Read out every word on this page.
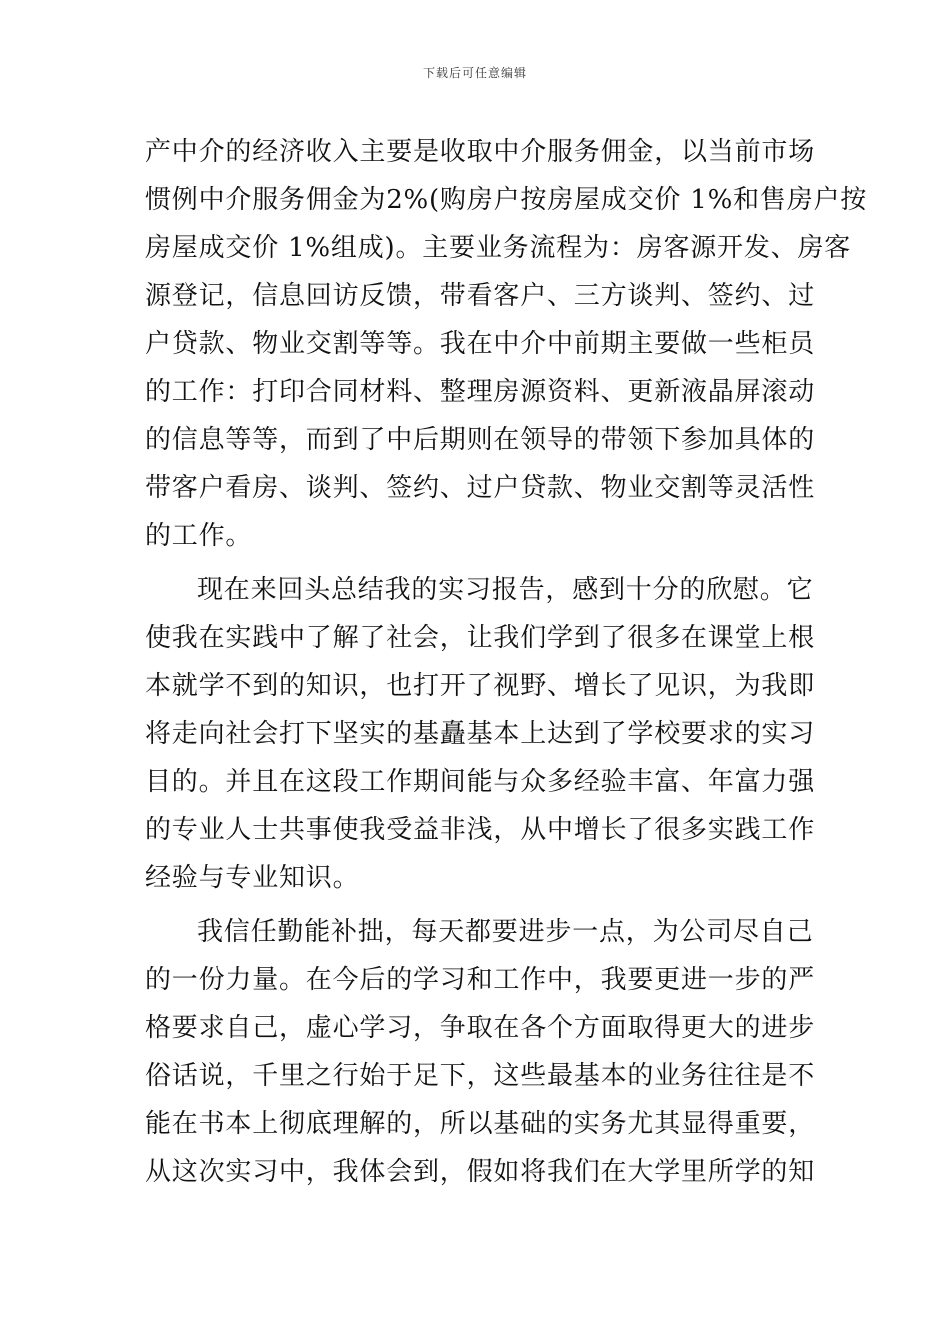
下载后可任意编辑
产中介的经济收入主要是收取中介服务佣金，以当前市场
惯例中介服务佣金为2%(购房户按房屋成交价 1%和售房户按
房屋成交价 1%组成)。主要业务流程为：房客源开发、房客
源登记，信息回访反馈，带看客户、三方谈判、签约、过
户贷款、物业交割等等。我在中介中前期主要做一些柜员
的工作：打印合同材料、整理房源资料、更新液晶屏滚动
的信息等等，而到了中后期则在领导的带领下参加具体的
带客户看房、谈判、签约、过户贷款、物业交割等灵活性
的工作。
现在来回头总结我的实习报告，感到十分的欣慰。它
使我在实践中了解了社会，让我们学到了很多在课堂上根
本就学不到的知识，也打开了视野、增长了见识，为我即
将走向社会打下坚实的基矗基本上达到了学校要求的实习
目的。并且在这段工作期间能与众多经验丰富、年富力强
的专业人士共事使我受益非浅，从中增长了很多实践工作
经验与专业知识。
我信任勤能补拙，每天都要进步一点，为公司尽自己
的一份力量。在今后的学习和工作中，我要更进一步的严
格要求自己，虚心学习，争取在各个方面取得更大的进步
俗话说，千里之行始于足下，这些最基本的业务往往是不
能在书本上彻底理解的，所以基础的实务尤其显得重要，
从这次实习中，我体会到，假如将我们在大学里所学的知
